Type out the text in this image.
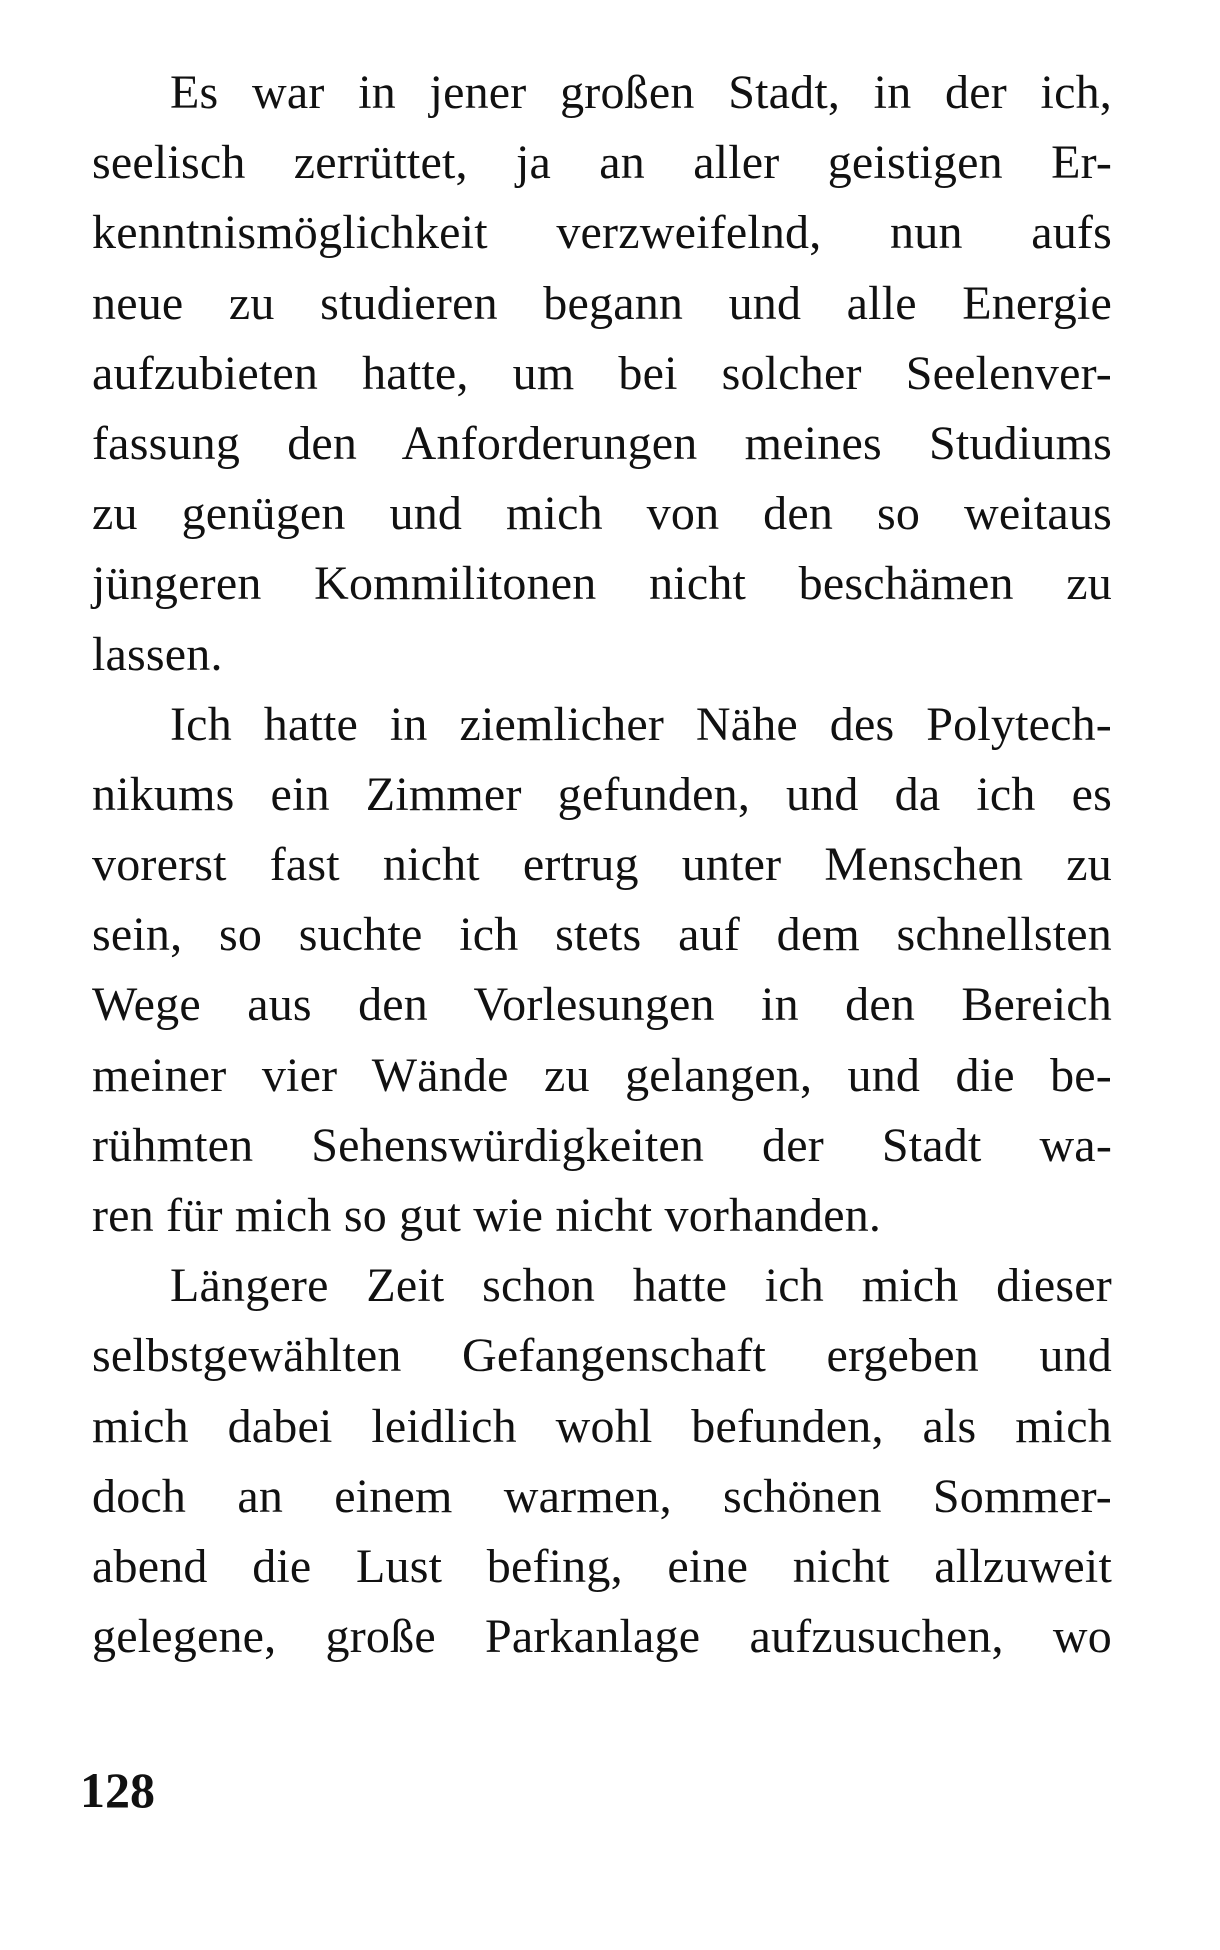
Es war in jener großen Stadt, in der ich,
seelisch zerrüttet, ja an aller geistigen Er-
kenntnismöglichkeit verzweifelnd, nun aufs
neue zu studieren begann und alle Energie
aufzubieten hatte, um bei solcher Seelenver-
fassung den Anforderungen meines Studiums
zu genügen und mich von den so weitaus
jüngeren Kommilitonen nicht beschämen zu
lassen.
Ich hatte in ziemlicher Nähe des Polytech-
nikums ein Zimmer gefunden, und da ich es
vorerst fast nicht ertrug unter Menschen zu
sein, so suchte ich stets auf dem schnellsten
Wege aus den Vorlesungen in den Bereich
meiner vier Wände zu gelangen, und die be-
rühmten Sehenswürdigkeiten der Stadt wa-
ren für mich so gut wie nicht vorhanden.
Längere Zeit schon hatte ich mich dieser
selbstgewählten Gefangenschaft ergeben und
mich dabei leidlich wohl befunden, als mich
doch an einem warmen, schönen Sommer-
abend die Lust befing, eine nicht allzuweit
gelegene, große Parkanlage aufzusuchen, wo
128
